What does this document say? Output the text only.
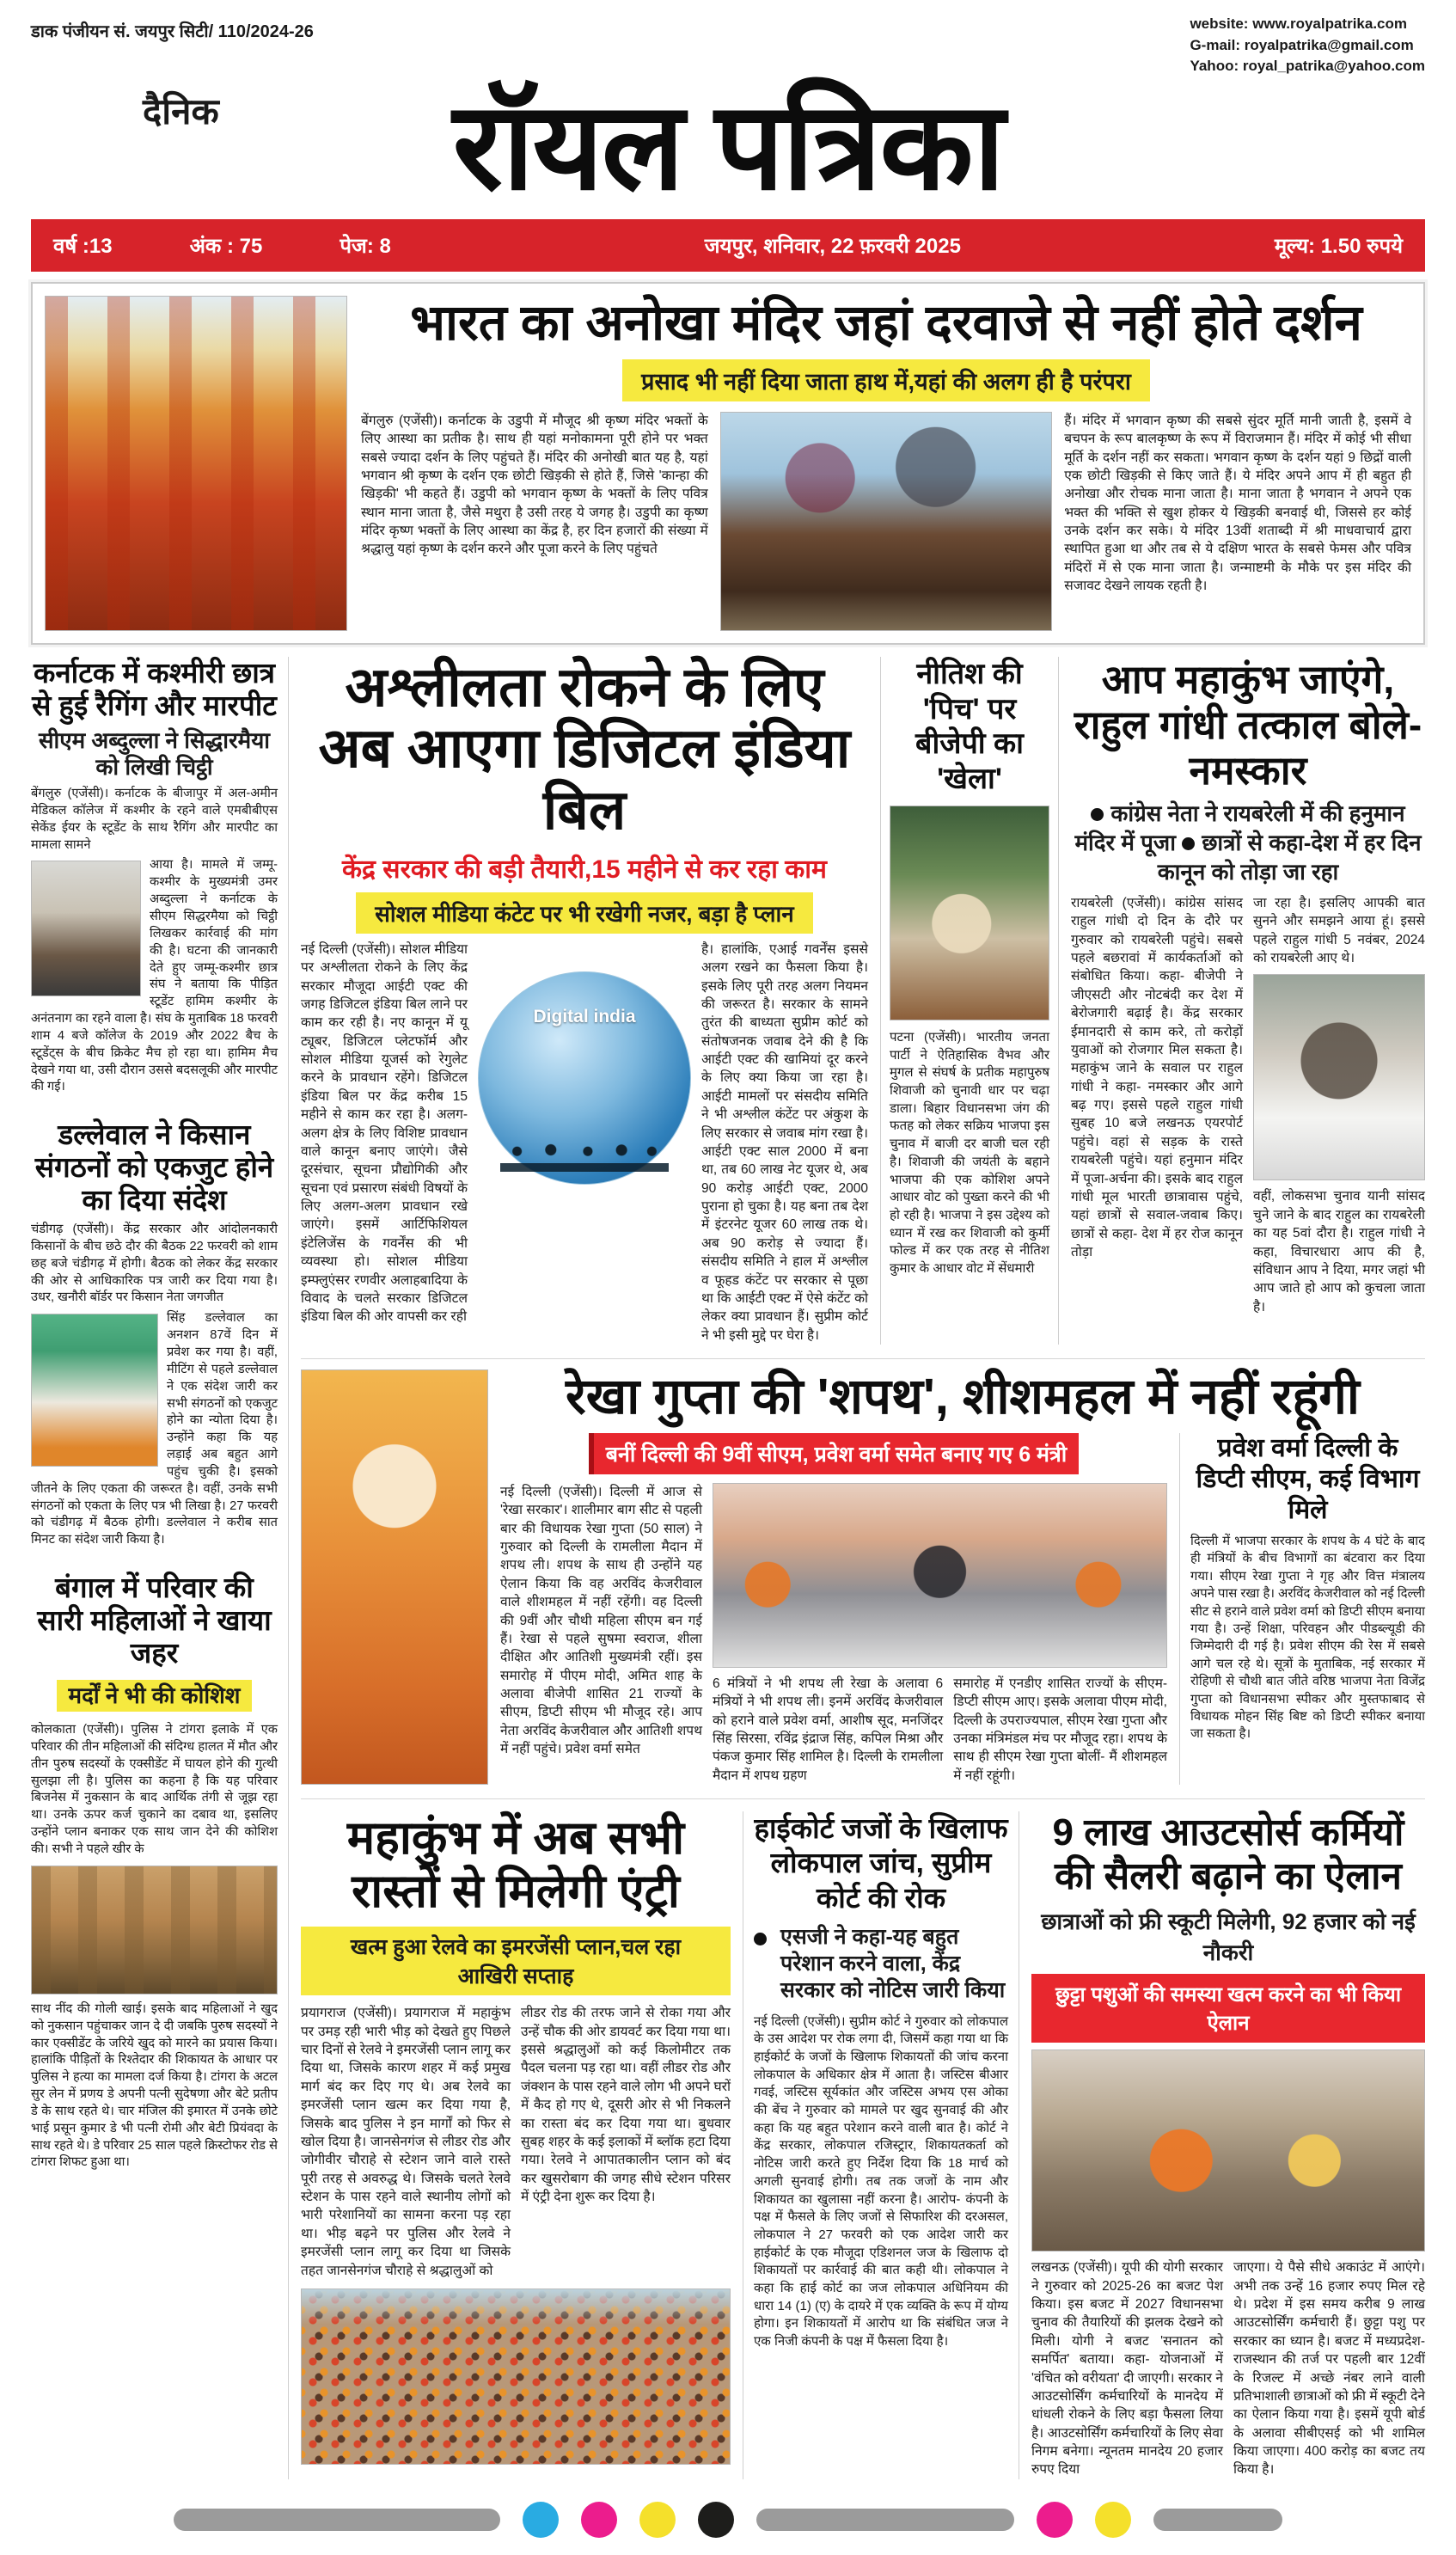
डाक पंजीयन सं. जयपुर सिटी/ 110/2024-26	website: www.royalpatrika.com
G-mail: royalpatrika@gmail.com
Yahoo: royal_patrika@yahoo.com
दैनिक	रॉयल पत्रिका
वर्ष :13	अंक : 75	पेज: 8	जयपुर, शनिवार, 22 फ़रवरी 2025	मूल्य: 1.50 रुपये
भारत का अनोखा मंदिर जहां दरवाजे से नहीं होते दर्शन
प्रसाद भी नहीं दिया जाता हाथ में,यहां की अलग ही है परंपरा

बेंगलुरु (एजेंसी)। कर्नाटक के उडुपी में मौजूद श्री कृष्ण मंदिर भक्तों के लिए आस्था का प्रतीक है। साथ ही यहां मनोकामना पूरी होने पर भक्त सबसे ज्यादा दर्शन के लिए पहुंचते हैं। मंदिर की अनोखी बात यह है, यहां भगवान श्री कृष्ण के दर्शन एक छोटी खिड़की से होते हैं, जिसे 'कान्हा की खिड़की' भी कहते हैं। उडुपी को भगवान कृष्ण के भक्तों के लिए पवित्र स्थान माना जाता है, जैसे मथुरा है उसी तरह ये जगह है। उडुपी का कृष्ण मंदिर कृष्ण भक्तों के लिए आस्था का केंद्र है, हर दिन हजारों की संख्या में श्रद्धालु यहां कृष्ण के दर्शन करने और पूजा करने के लिए पहुंचते

हैं। मंदिर में भगवान कृष्ण की सबसे सुंदर मूर्ति मानी जाती है, इसमें वे बचपन के रूप बालकृष्ण के रूप में विराजमान हैं। मंदिर में कोई भी सीधा मूर्ति के दर्शन नहीं कर सकता। भगवान कृष्ण के दर्शन यहां 9 छिद्रों वाली एक छोटी खिड़की से किए जाते हैं। ये मंदिर अपने आप में ही बहुत ही अनोखा और रोचक माना जाता है। माना जाता है भगवान ने अपने एक भक्त की भक्ति से खुश होकर ये खिड़की बनवाई थी, जिससे हर कोई उनके दर्शन कर सके। ये मंदिर 13वीं शताब्दी में श्री माधवाचार्य द्वारा स्थापित हुआ था और तब से ये दक्षिण भारत के सबसे फेमस और पवित्र मंदिरों में से एक माना जाता है। जन्माष्टमी के मौके पर इस मंदिर की सजावट देखने लायक रहती है।

कर्नाटक में कश्मीरी छात्र से हुई रैगिंग और मारपीट
सीएम अब्दुल्ला ने सिद्धारमैया को लिखी चिट्ठी

बेंगलुरु (एजेंसी)। कर्नाटक के बीजापुर में अल-अमीन मेडिकल कॉलेज में कश्मीर के रहने वाले एमबीबीएस सेकेंड ईयर के स्टूडेंट के साथ रैगिंग और मारपीट का मामला सामने

आया है। मामले में जम्मू-कश्मीर के मुख्यमंत्री उमर अब्दुल्ला ने कर्नाटक के सीएम सिद्धरमैया को चिट्ठी लिखकर कार्रवाई की मांग की है। घटना की जानकारी देते हुए जम्मू-कश्मीर छात्र संघ ने बताया कि पीड़ित स्टूडेंट हामिम कश्मीर के अनंतनाग का रहने वाला है। संघ के मुताबिक 18 फरवरी शाम 4 बजे कॉलेज के 2019 और 2022 बैच के स्टूडेंट्स के बीच क्रिकेट मैच हो रहा था। हामिम मैच देखने गया था, उसी दौरान उससे बदसलूकी और मारपीट की गई।
डल्लेवाल ने किसान संगठनों को एकजुट होने का दिया संदेश

चंडीगढ़ (एजेंसी)। केंद्र सरकार और आंदोलनकारी किसानों के बीच छठे दौर की बैठक 22 फरवरी को शाम छह बजे चंडीगढ़ में होगी। बैठक को लेकर केंद्र सरकार की ओर से आधिकारिक पत्र जारी कर दिया गया है। उधर, खनौरी बॉर्डर पर किसान नेता जगजीत

सिंह डल्लेवाल का अनशन 87वें दिन में प्रवेश कर गया है। वहीं, मीटिंग से पहले डल्लेवाल ने एक संदेश जारी कर सभी संगठनों को एकजुट होने का न्योता दिया है। उन्होंने कहा कि यह लड़ाई अब बहुत आगे पहुंच चुकी है। इसको जीतने के लिए एकता की जरूरत है। वहीं, उनके सभी संगठनों को एकता के लिए पत्र भी लिखा है। 27 फरवरी को चंडीगढ़ में बैठक होगी। डल्लेवाल ने करीब सात मिनट का संदेश जारी किया है।
बंगाल में परिवार की सारी महिलाओं ने खाया जहर
मर्दों ने भी की कोशिश

कोलकाता (एजेंसी)। पुलिस ने टांगरा इलाके में एक परिवार की तीन महिलाओं की संदिग्ध हालत में मौत और तीन पुरुष सदस्यों के एक्सीडेंट में घायल होने की गुत्थी सुलझा ली है। पुलिस का कहना है कि यह परिवार बिजनेस में नुकसान के बाद आर्थिक तंगी से जूझ रहा था। उनके ऊपर कर्ज चुकाने का दबाव था, इसलिए उन्होंने प्लान बनाकर एक साथ जान देने की कोशिश की। सभी ने पहले खीर के

साथ नींद की गोली खाई। इसके बाद महिलाओं ने खुद को नुकसान पहुंचाकर जान दे दी जबकि पुरुष सदस्यों ने कार एक्सीडेंट के जरिये खुद को मारने का प्रयास किया। हालांकि पीड़ितों के रिश्तेदार की शिकायत के आधार पर पुलिस ने हत्या का मामला दर्ज किया है। टांगरा के अटल सुर लेन में प्रणय डे अपनी पत्नी सुदेषणा और बेटे प्रतीप डे के साथ रहते थे। चार मंजिल की इमारत में उनके छोटे भाई प्रसून कुमार डे भी पत्नी रोमी और बेटी प्रियंवदा के साथ रहते थे। डे परिवार 25 साल पहले क्रिस्टोफर रोड से टांगरा शिफट हुआ था।

अश्लीलता रोकने के लिए अब आएगा डिजिटल इंडिया बिल
केंद्र सरकार की बड़ी तैयारी,15 महीने से कर रहा काम
सोशल मीडिया कंटेट पर भी रखेगी नजर, बड़ा है प्लान

नई दिल्ली (एजेंसी)। सोशल मीडिया पर अश्लीलता रोकने के लिए केंद्र सरकार मौजूदा आईटी एक्ट की जगह डिजिटल इंडिया बिल लाने पर काम कर रही है। नए कानून में यू ट्यूबर, डिजिटल प्लेटफॉर्म और सोशल मीडिया यूजर्स को रेगुलेट करने के प्रावधान रहेंगे। डिजिटल इंडिया बिल पर केंद्र करीब 15 महीने से काम कर रहा है। अलग-अलग क्षेत्र के लिए विशिष्ट प्रावधान वाले कानून बनाए जाएंगे। जैसे दूरसंचार, सूचना प्रौद्योगिकी और सूचना एवं प्रसारण संबंधी विषयों के लिए अलग-अलग प्रावधान रखे जाएंगे। इसमें आर्टिफिशियल इंटेलिजेंस के गवर्नेंस की भी व्यवस्था हो। सोशल मीडिया इम्फ्लुएंसर रणवीर अलाहबादिया के विवाद के चलते सरकार डिजिटल इंडिया बिल की ओर वापसी कर रही

Digital india

है। हालांकि, एआई गवर्नेंस इससे अलग रखने का फैसला किया है। इसके लिए पूरी तरह अलग नियमन की जरूरत है। सरकार के सामने तुरंत की बाध्यता सुप्रीम कोर्ट को संतोषजनक जवाब देने की है कि आईटी एक्ट की खामियां दूर करने के लिए क्या किया जा रहा है। आईटी मामलों पर संसदीय समिति ने भी अश्लील कंटेंट पर अंकुश के लिए सरकार से जवाब मांग रखा है। आईटी एक्ट साल 2000 में बना था, तब 60 लाख नेट यूजर थे, अब 90 करोड़ आईटी एक्ट, 2000 पुराना हो चुका है। यह बना तब देश में इंटरनेट यूजर 60 लाख तक थे। अब 90 करोड़ से ज्यादा हैं। संसदीय समिति ने हाल में अश्लील व फूहड कंटेंट पर सरकार से पूछा था कि आईटी एक्ट में ऐसे कंटेंट को लेकर क्या प्रावधान हैं। सुप्रीम कोर्ट ने भी इसी मुद्दे पर घेरा है।

नीतिश की 'पिच' पर बीजेपी का 'खेला'

पटना (एजेंसी)। भारतीय जनता पार्टी ने ऐतिहासिक वैभव और मुगल से संघर्ष के प्रतीक महापुरुष शिवाजी को चुनावी धार पर चढ़ा डाला। बिहार विधानसभा जंग की फतह को लेकर सक्रिय भाजपा इस चुनाव में बाजी दर बाजी चल रही है। शिवाजी की जयंती के बहाने भाजपा की एक कोशिश अपने आधार वोट को पुख्ता करने की भी हो रही है। भाजपा ने इस उद्देश्य को ध्यान में रख कर शिवाजी को कुर्मी फोल्ड में कर एक तरह से नीतिश कुमार के आधार वोट में सेंधमारी

आप महाकुंभ जाएंगे, राहुल गांधी तत्काल बोले-नमस्कार
कांग्रेस नेता ने रायबरेली में की हनुमान मंदिर में पूजा छात्रों से कहा-देश में हर दिन कानून को तोड़ा जा रहा

रायबरेली (एजेंसी)। कांग्रेस सांसद राहुल गांधी दो दिन के दौरे पर गुरुवार को रायबरेली पहुंचे। सबसे पहले बछरावां में कार्यकर्ताओं को संबोधित किया। कहा- बीजेपी ने जीएसटी और नोटबंदी कर देश में बेरोजगारी बढ़ाई है। केंद्र सरकार ईमानदारी से काम करे, तो करोड़ों युवाओं को रोजगार मिल सकता है। महाकुंभ जाने के सवाल पर राहुल गांधी ने कहा- नमस्कार और आगे बढ़ गए। इससे पहले राहुल गांधी सुबह 10 बजे लखनऊ एयरपोर्ट पहुंचे। वहां से सड़क के रास्ते रायबरेली पहुंचे। यहां हनुमान मंदिर में पूजा-अर्चना की। इसके बाद राहुल गांधी मूल भारती छात्रावास पहुंचे, यहां छात्रों से सवाल-जवाब किए। छात्रों से कहा- देश में हर रोज कानून तोड़ा

जा रहा है। इसलिए आपकी बात सुनने और समझने आया हूं। इससे पहले राहुल गांधी 5 नवंबर, 2024 को रायबरेली आए थे।

वहीं, लोकसभा चुनाव यानी सांसद चुने जाने के बाद राहुल का रायबरेली का यह 5वां दौरा है। राहुल गांधी ने कहा, विचारधारा आप की है, संविधान आप ने दिया, मगर जहां भी आप जाते हो आप को कुचला जाता है।

रेखा गुप्ता की 'शपथ', शीशमहल में नहीं रहूंगी
बनीं दिल्ली की 9वीं सीएम, प्रवेश वर्मा समेत बनाए गए 6 मंत्री

नई दिल्ली (एजेंसी)। दिल्ली में आज से 'रेखा सरकार'। शालीमार बाग सीट से पहली बार की विधायक रेखा गुप्ता (50 साल) ने गुरुवार को दिल्ली के रामलीला मैदान में शपथ ली। शपथ के साथ ही उन्होंने यह ऐलान किया कि वह अरविंद केजरीवाल वाले शीशमहल में नहीं रहेंगी। वह दिल्ली की 9वीं और चौथी महिला सीएम बन गई हैं। रेखा से पहले सुषमा स्वराज, शीला दीक्षित और आतिशी मुख्यमंत्री रहीं। इस समारोह में पीएम मोदी, अमित शाह के अलावा बीजेपी शासित 21 राज्यों के सीएम, डिप्टी सीएम भी मौजूद रहे। आप नेता अरविंद केजरीवाल और आतिशी शपथ में नहीं पहुंचे। प्रवेश वर्मा समेत

6 मंत्रियों ने भी शपथ ली रेखा के अलावा 6 मंत्रियों ने भी शपथ ली। इनमें अरविंद केजरीवाल को हराने वाले प्रवेश वर्मा, आशीष सूद, मनजिंदर सिंह सिरसा, रविंद्र इंद्राज सिंह, कपिल मिश्रा और पंकज कुमार सिंह शामिल है। दिल्ली के रामलीला मैदान में शपथ ग्रहण

समारोह में एनडीए शासित राज्यों के सीएम-डिप्टी सीएम आए। इसके अलावा पीएम मोदी, दिल्ली के उपराज्यपाल, सीएम रेखा गुप्ता और उनका मंत्रिमंडल मंच पर मौजूद रहा। शपथ के साथ ही सीएम रेखा गुप्ता बोलीं- मैं शीशमहल में नहीं रहूंगी।

प्रवेश वर्मा दिल्ली के डिप्टी सीएम, कई विभाग मिले

दिल्ली में भाजपा सरकार के शपथ के 4 घंटे के बाद ही मंत्रियों के बीच विभागों का बंटवारा कर दिया गया। सीएम रेखा गुप्ता ने गृह और वित्त मंत्रालय अपने पास रखा है। अरविंद केजरीवाल को नई दिल्ली सीट से हराने वाले प्रवेश वर्मा को डिप्टी सीएम बनाया गया है। उन्हें शिक्षा, परिवहन और पीडब्ल्यूडी की जिम्मेदारी दी गई है। प्रवेश सीएम की रेस में सबसे आगे चल रहे थे। सूत्रों के मुताबिक, नई सरकार में रोहिणी से चौथी बात जीते वरिष्ठ भाजपा नेता विजेंद्र गुप्ता को विधानसभा स्पीकर और मुस्तफाबाद से विधायक मोहन सिंह बिष्ट को डिप्टी स्पीकर बनाया जा सकता है।

महाकुंभ में अब सभी रास्तों से मिलेगी एंट्री
खत्म हुआ रेलवे का इमरजेंसी प्लान,चल रहा आखिरी सप्ताह

प्रयागराज (एजेंसी)। प्रयागराज में महाकुंभ पर उमड़ रही भारी भीड़ को देखते हुए पिछले चार दिनों से रेलवे ने इमरजेंसी प्लान लागू कर दिया था, जिसके कारण शहर में कई प्रमुख मार्ग बंद कर दिए गए थे। अब रेलवे का इमरजेंसी प्लान खत्म कर दिया गया है, जिसके बाद पुलिस ने इन मार्गों को फिर से खोल दिया है। जानसेनगंज से लीडर रोड और जोगीवीर चौराहे से स्टेशन जाने वाले रास्ते पूरी तरह से अवरुद्ध थे। जिसके चलते रेलवे स्टेशन के पास रहने वाले स्थानीय लोगों को भारी परेशानियों का सामना करना पड़ रहा था। भीड़ बढ़ने पर पुलिस और रेलवे ने इमरजेंसी प्लान लागू कर दिया था जिसके तहत जानसेनगंज चौराहे से श्रद्धालुओं को

लीडर रोड की तरफ जाने से रोका गया और उन्हें चौक की ओर डायवर्ट कर दिया गया था। इससे श्रद्धालुओं को कई किलोमीटर तक पैदल चलना पड़ रहा था। वहीं लीडर रोड और जंक्शन के पास रहने वाले लोग भी अपने घरों में कैद हो गए थे, दूसरी ओर से भी निकलने का रास्ता बंद कर दिया गया था। बुधवार सुबह शहर के कई इलाकों में ब्लॉक हटा दिया गया। रेलवे ने आपातकालीन प्लान को बंद कर खुसरोबाग की जगह सीधे स्टेशन परिसर में एंट्री देना शुरू कर दिया है।

हाईकोर्ट जजों के खिलाफ लोकपाल जांच, सुप्रीम कोर्ट की रोक
एसजी ने कहा-यह बहुत परेशान करने वाला, केंद्र सरकार को नोटिस जारी किया

नई दिल्ली (एजेंसी)। सुप्रीम कोर्ट ने गुरुवार को लोकपाल के उस आदेश पर रोक लगा दी, जिसमें कहा गया था कि हाईकोर्ट के जजों के खिलाफ शिकायतों की जांच करना लोकपाल के अधिकार क्षेत्र में आता है। जस्टिस बीआर गवई, जस्टिस सूर्यकांत और जस्टिस अभय एस ओका की बेंच ने गुरुवार को मामले पर खुद सुनवाई की और कहा कि यह बहुत परेशान करने वाली बात है। कोर्ट ने केंद्र सरकार, लोकपाल रजिस्ट्रार, शिकायतकर्ता को नोटिस जारी करते हुए निर्देश दिया कि 18 मार्च को अगली सुनवाई होगी। तब तक जजों के नाम और शिकायत का खुलासा नहीं करना है। आरोप- कंपनी के पक्ष में फैसले के लिए जजों से सिफारिश की दरअसल, लोकपाल ने 27 फरवरी को एक आदेश जारी कर हाईकोर्ट के एक मौजूदा एडिशनल जज के खिलाफ दो शिकायतों पर कार्रवाई की बात कही थी। लोकपाल ने कहा कि हाई कोर्ट का जज लोकपाल अधिनियम की धारा 14 (1) (ए) के दायरे में एक व्यक्ति के रूप में योग्य होगा। इन शिकायतों में आरोप था कि संबंधित जज ने एक निजी कंपनी के पक्ष में फैसला दिया है।

9 लाख आउटसोर्स कर्मियों की सैलरी बढ़ाने का ऐलान
छात्राओं को फ्री स्कूटी मिलेगी, 92 हजार को नई नौकरी
छुट्टा पशुओं की समस्या खत्म करने का भी किया ऐलान

लखनऊ (एजेंसी)। यूपी की योगी सरकार ने गुरुवार को 2025-26 का बजट पेश किया। इस बजट में 2027 विधानसभा चुनाव की तैयारियों की झलक देखने को मिली। योगी ने बजट 'सनातन को समर्पित' बताया। कहा- योजनाओं में 'वंचित को वरीयता' दी जाएगी। सरकार ने आउटसोर्सिंग कर्मचारियों के मानदेय में धांधली रोकने के लिए बड़ा फैसला लिया है। आउटसोर्सिंग कर्मचारियों के लिए सेवा निगम बनेगा। न्यूनतम मानदेय 20 हजार रुपए दिया

जाएगा। ये पैसे सीधे अकाउंट में आएंगे। अभी तक उन्हें 16 हजार रुपए मिल रहे थे। प्रदेश में इस समय करीब 9 लाख आउटसोर्सिंग कर्मचारी हैं। छुट्टा पशु पर सरकार का ध्यान है। बजट में मध्यप्रदेश-राजस्थान की तर्ज पर पहली बार 12वीं के रिजल्ट में अच्छे नंबर लाने वाली प्रतिभाशाली छात्राओं को फ्री में स्कूटी देने का ऐलान किया गया है। इसमें यूपी बोर्ड के अलावा सीबीएसई को भी शामिल किया जाएगा। 400 करोड़ का बजट तय किया है।
